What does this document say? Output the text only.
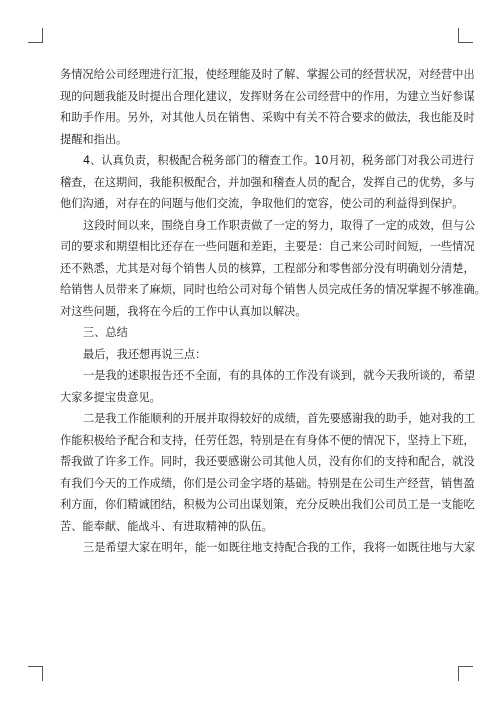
务情况给公司经理进行汇报，使经理能及时了解、掌握公司的经营状况，对经营中出
现的问题我能及时提出合理化建议，发挥财务在公司经营中的作用，为建立当好参谋
和助手作用。另外，对其他人员在销售、采购中有关不符合要求的做法，我也能及时
提醒和指出。
4、认真负责，积极配合税务部门的稽查工作。10月初，税务部门对我公司进行
稽查，在这期间，我能积极配合，并加强和稽查人员的配合，发挥自己的优势，多与
他们沟通，对存在的问题与他们交流，争取他们的宽容，使公司的利益得到保护。
这段时间以来，围绕自身工作职责做了一定的努力，取得了一定的成效，但与公
司的要求和期望相比还存在一些问题和差距，主要是：自己来公司时间短，一些情况
还不熟悉，尤其是对每个销售人员的核算，工程部分和零售部分没有明确划分清楚，
给销售人员带来了麻烦，同时也给公司对每个销售人员完成任务的情况掌握不够准确。
对这些问题，我将在今后的工作中认真加以解决。
三、总结
最后，我还想再说三点：
一是我的述职报告还不全面，有的具体的工作没有谈到，就今天我所谈的，希望
大家多提宝贵意见。
二是我工作能顺利的开展并取得较好的成绩，首先要感谢我的助手，她对我的工
作能积极给予配合和支持，任劳任怨，特别是在有身体不便的情况下，坚持上下班，
帮我做了许多工作。同时，我还要感谢公司其他人员，没有你们的支持和配合，就没
有我们今天的工作成绩，你们是公司金字塔的基础。特别是在公司生产经营，销售盈
利方面，你们精诚团结，积极为公司出谋划策，充分反映出我们公司员工是一支能吃
苦、能奉献、能战斗、有进取精神的队伍。
三是希望大家在明年，能一如既往地支持配合我的工作，我将一如既往地与大家
